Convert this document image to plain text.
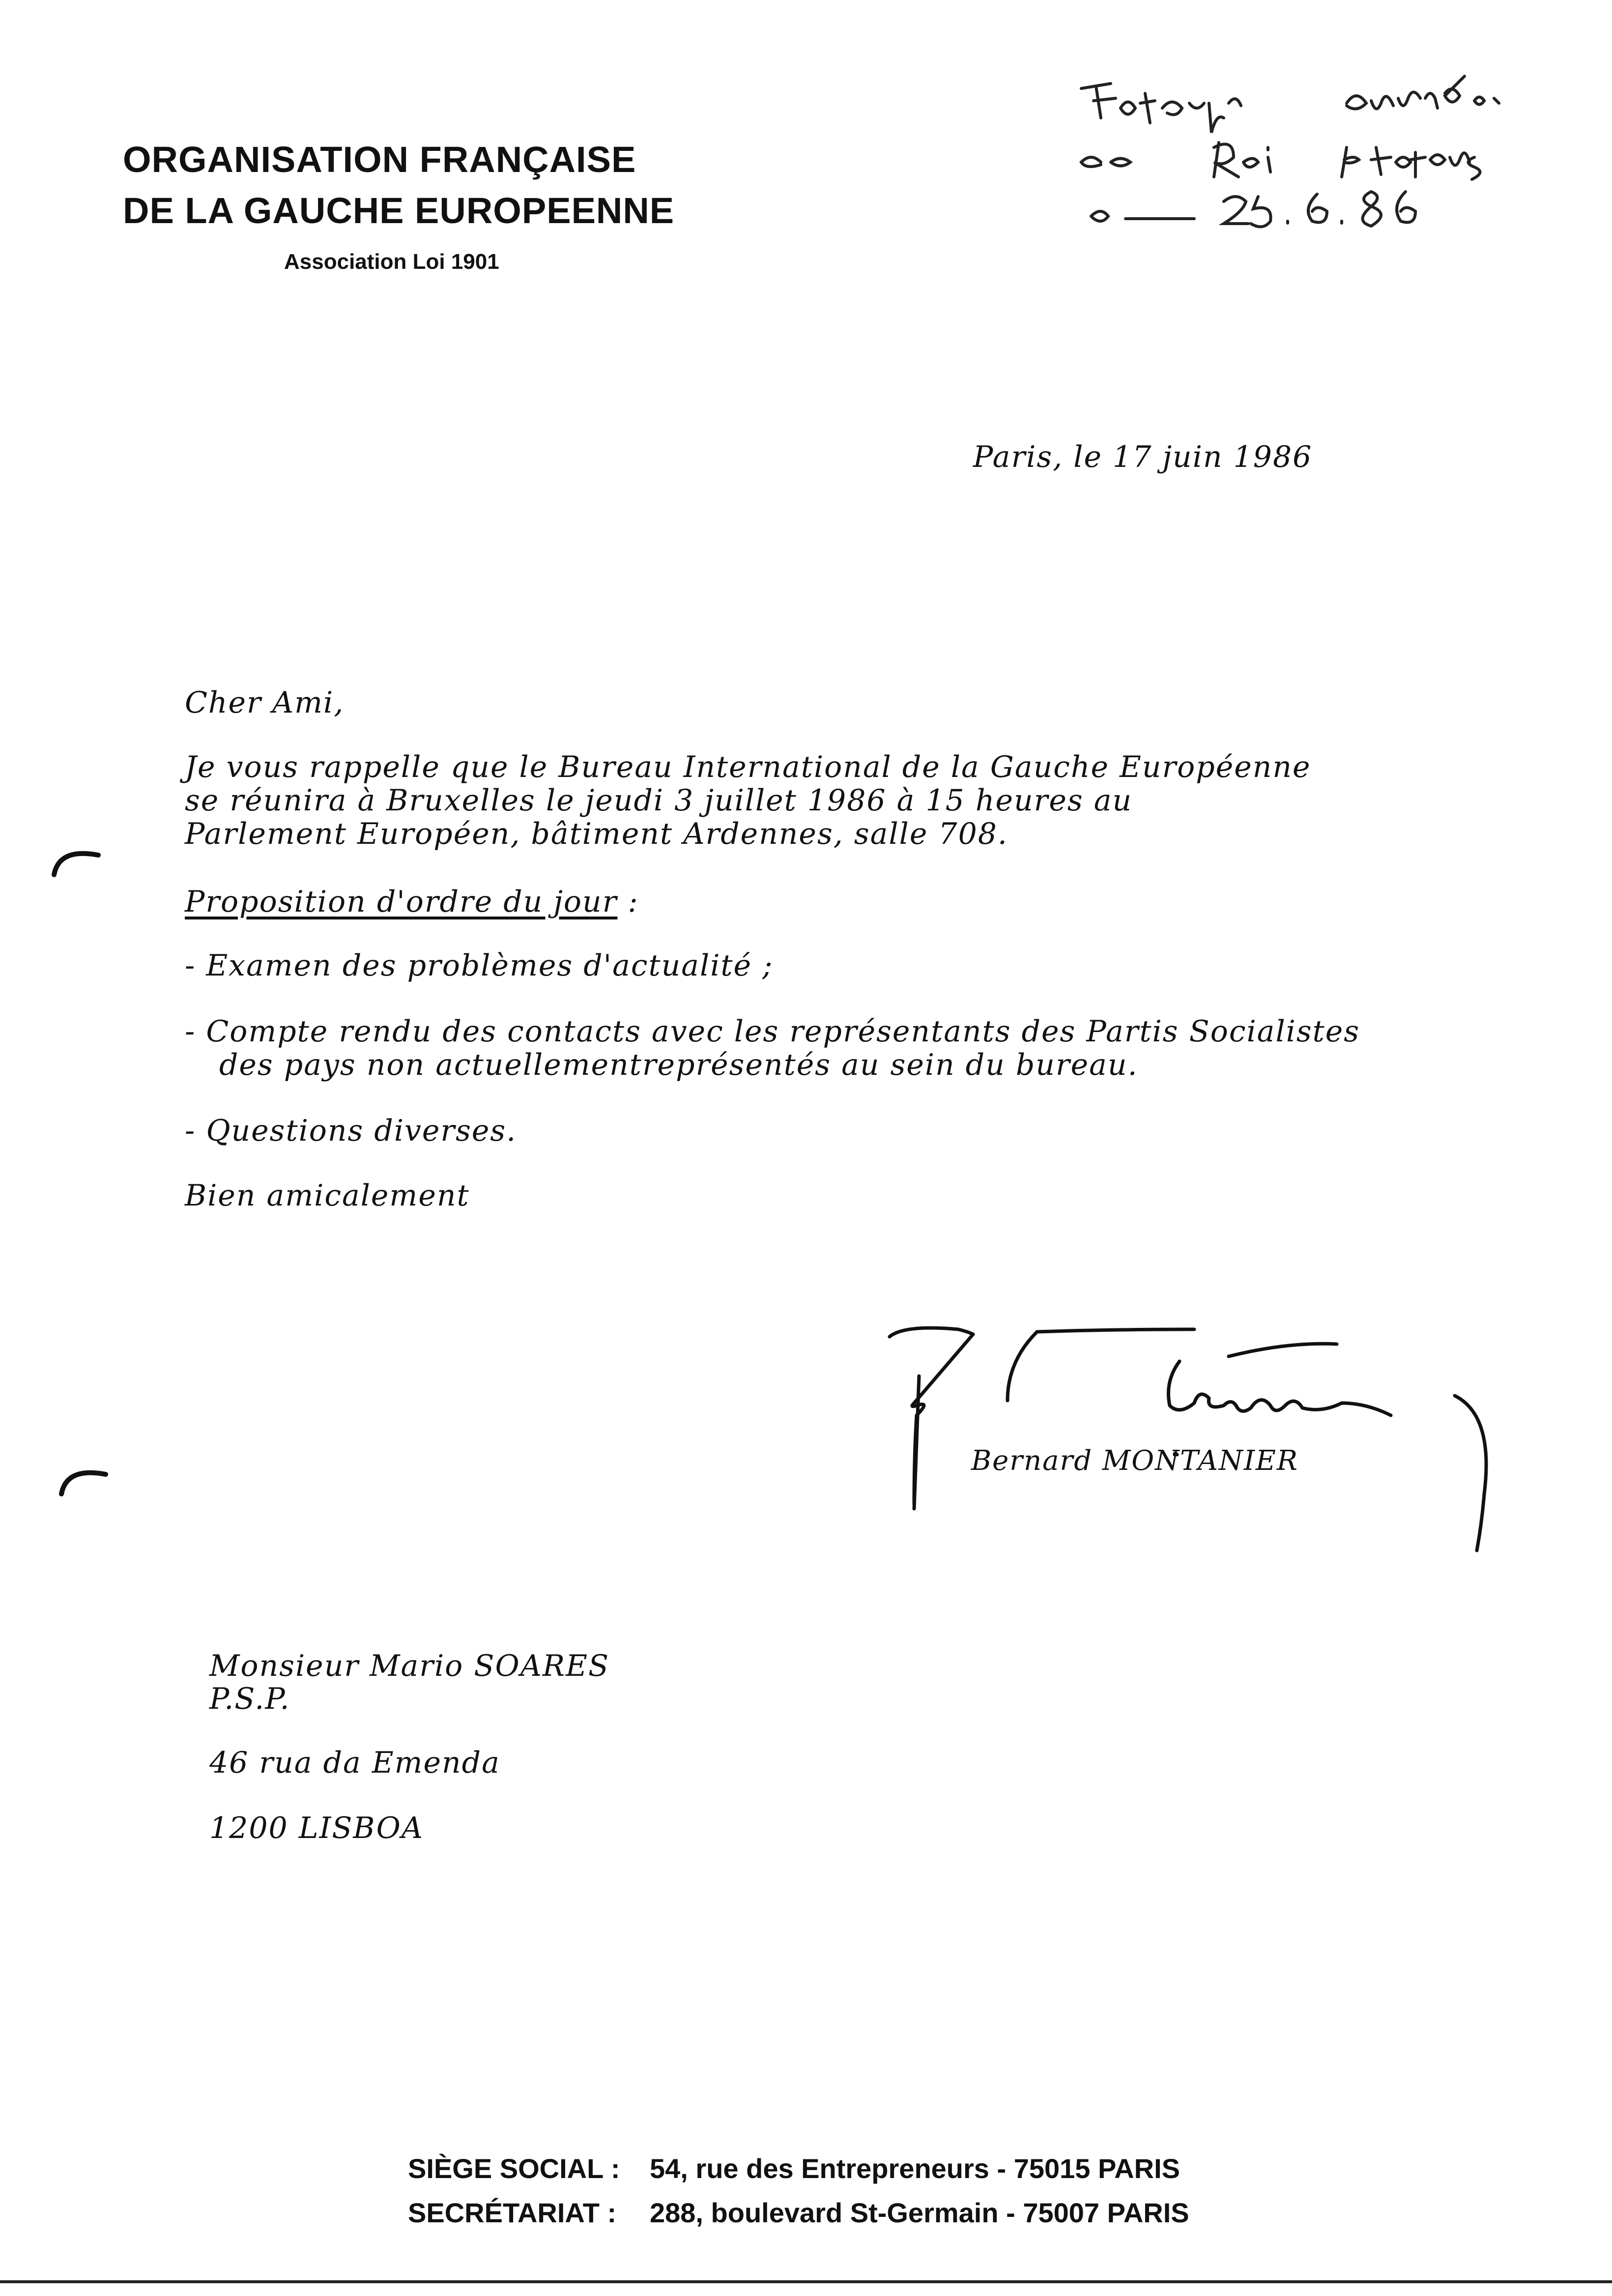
ORGANISATION FRANÇAISE
DE LA GAUCHE EUROPEENNE
Association Loi 1901
Paris, le 17 juin 1986
Cher Ami,
Je vous rappelle que le Bureau International de la Gauche Européenne
se réunira à Bruxelles le jeudi 3 juillet 1986 à 15 heures au
Parlement Européen, bâtiment Ardennes, salle 708.
Proposition d'ordre du jour :
- Examen des problèmes d'actualité ;
- Compte rendu des contacts avec les représentants des Partis Socialistes
des pays non actuellementreprésentés au sein du bureau.
- Questions diverses.
Bien amicalement
Bernard MONTANIER
Monsieur Mario SOARES
P.S.P.
46 rua da Emenda
1200 LISBOA
SIÈGE SOCIAL : 54, rue des Entrepreneurs - 75015 PARIS
SECRÉTARIAT : 288, boulevard St-Germain - 75007 PARIS
